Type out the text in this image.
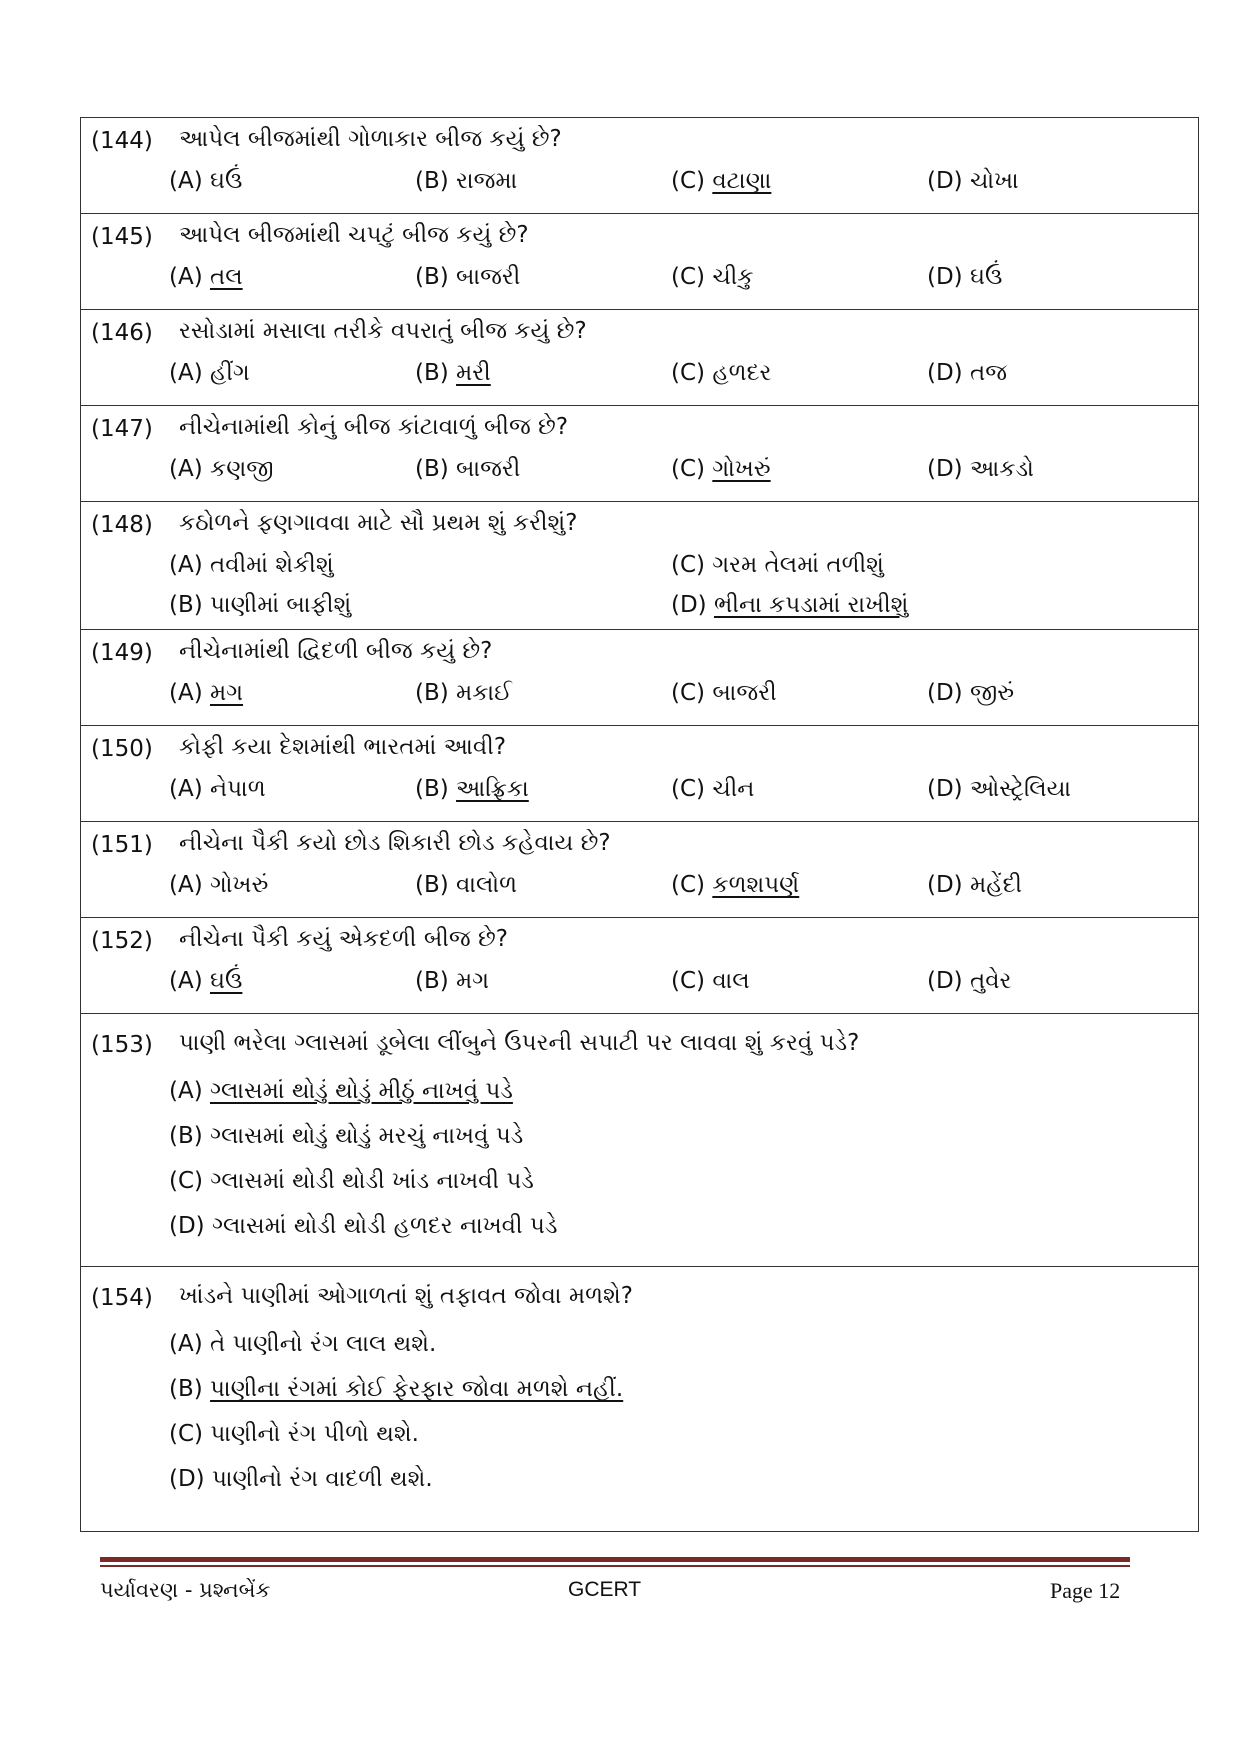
(144) આપેલ બીજમાંથી ગોળાકાર બીજ કયું છે?
(A) ઘઉં	(B) રાજમા	(C) વટાણા	(D) ચોખા
(145) આપેલ બીજમાંથી ચપટું બીજ કયું છે?
(A) તલ	(B) બાજરી	(C) ચીકુ	(D) ઘઉં
(146) રસોડામાં મસાલા તરીકે વપરાતું બીજ કયું છે?
(A) હીંગ	(B) મરી	(C) હળદર	(D) તજ
(147) નીચેનામાંથી કોનું બીજ કાંટાવાળું બીજ છે?
(A) કણજી	(B) બાજરી	(C) ગોખરું	(D) આકડો
(148) કઠોળને ફણગાવવા માટે સૌ પ્રથમ શું કરીશું?
(A) તવીમાં શેકીશું	(C) ગરમ તેલમાં તળીશું
(B) પાણીમાં બાફીશું	(D) ભીના કપડામાં રાખીશું
(149) નીચેનામાંથી દ્વિદળી બીજ કયું છે?
(A) મગ	(B) મકાઈ	(C) બાજરી	(D) જીરું
(150) કોફી કયા દેશમાંથી ભારતમાં આવી?
(A) નેપાળ	(B) આફ્રિકા	(C) ચીન	(D) ઓસ્ટ્રેલિયા
(151) નીચેના પૈકી કયો છોડ શિકારી છોડ કહેવાય છે?
(A) ગોખરું	(B) વાલોળ	(C) કળશપર્ણ	(D) મહેંદી
(152) નીચેના પૈકી કયું એકદળી બીજ છે?
(A) ઘઉં	(B) મગ	(C) વાલ	(D) તુવેર
(153) પાણી ભરેલા ગ્લાસમાં ડૂબેલા લીંબુને ઉપરની સપાટી પર લાવવા શું કરવું પડે?
(A) ગ્લાસમાં થોડું થોડું મીઠું નાખવું પડે
(B) ગ્લાસમાં થોડું થોડું મરચું નાખવું પડે
(C) ગ્લાસમાં થોડી થોડી ખાંડ નાખવી પડે
(D) ગ્લાસમાં થોડી થોડી હળદર નાખવી પડે
(154) ખાંડને પાણીમાં ઓગાળતાં શું તફાવત જોવા મળશે?
(A) તે પાણીનો રંગ લાલ થશે.
(B) પાણીના રંગમાં કોઈ ફેરફાર જોવા મળશે નહીં.
(C) પાણીનો રંગ પીળો થશે.
(D) પાણીનો રંગ વાદળી થશે.
પર્યાવરણ - પ્રશ્નબેંક	GCERT	Page 12
